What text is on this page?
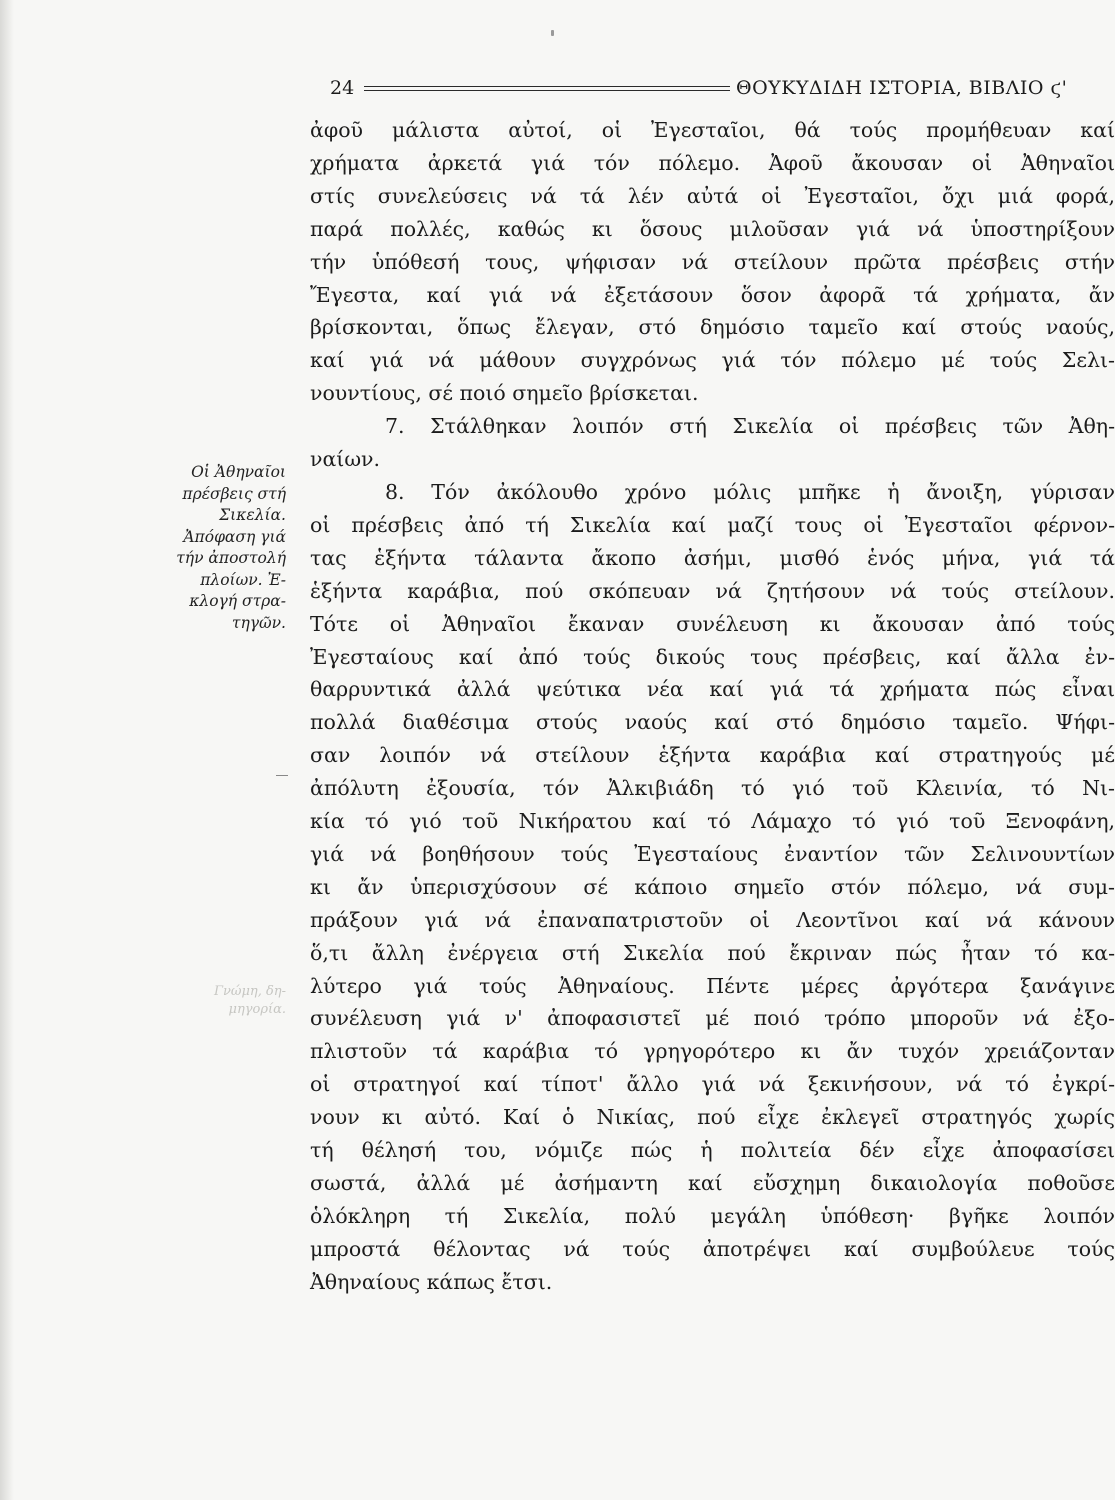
24	ΘΟΥΚΥΔΙΔΗ ΙΣΤΟΡΙΑ, ΒΙΒΛΙΟ ϛ'
Οἱ Ἀθηναῖοι
πρέσβεις στή
Σικελία.
Ἀπόφαση γιά
τήν ἀποστολή
πλοίων. Ἐ-
κλογή στρα-
τηγῶν.
Γνώμη, δη-
μηγορία.
ἀφοῦ μάλιστα αὐτοί, οἱ Ἐγεσταῖοι, θά τούς προμήθευαν καί
χρήματα ἀρκετά γιά τόν πόλεμο. Ἀφοῦ ἄκουσαν οἱ Ἀθηναῖοι
στίς συνελεύσεις νά τά λέν αὐτά οἱ Ἐγεσταῖοι, ὄχι μιά φορά,
παρά πολλές, καθώς κι ὅσους μιλοῦσαν γιά νά ὑποστηρίξουν
τήν ὑπόθεσή τους, ψήφισαν νά στείλουν πρῶτα πρέσβεις στήν
Ἔγεστα, καί γιά νά ἐξετάσουν ὅσον ἀφορᾶ τά χρήματα, ἄν
βρίσκονται, ὅπως ἔλεγαν, στό δημόσιο ταμεῖο καί στούς ναούς,
καί γιά νά μάθουν συγχρόνως γιά τόν πόλεμο μέ τούς Σελι-
νουντίους, σέ ποιό σημεῖο βρίσκεται.
7. Στάλθηκαν λοιπόν στή Σικελία οἱ πρέσβεις τῶν Ἀθη-
ναίων.
8. Τόν ἀκόλουθο χρόνο μόλις μπῆκε ἡ ἄνοιξη, γύρισαν
οἱ πρέσβεις ἀπό τή Σικελία καί μαζί τους οἱ Ἐγεσταῖοι φέρνον-
τας ἑξήντα τάλαντα ἄκοπο ἀσήμι, μισθό ἑνός μήνα, γιά τά
ἑξήντα καράβια, πού σκόπευαν νά ζητήσουν νά τούς στείλουν.
Τότε οἱ Ἀθηναῖοι ἔκαναν συνέλευση κι ἄκουσαν ἀπό τούς
Ἐγεσταίους καί ἀπό τούς δικούς τους πρέσβεις, καί ἄλλα ἐν-
θαρρυντικά ἀλλά ψεύτικα νέα καί γιά τά χρήματα πώς εἶναι
πολλά διαθέσιμα στούς ναούς καί στό δημόσιο ταμεῖο. Ψήφι-
σαν λοιπόν νά στείλουν ἑξήντα καράβια καί στρατηγούς μέ
ἀπόλυτη ἐξουσία, τόν Ἀλκιβιάδη τό γιό τοῦ Κλεινία, τό Νι-
κία τό γιό τοῦ Νικήρατου καί τό Λάμαχο τό γιό τοῦ Ξενοφάνη,
γιά νά βοηθήσουν τούς Ἐγεσταίους ἐναντίον τῶν Σελινουντίων
κι ἄν ὑπερισχύσουν σέ κάποιο σημεῖο στόν πόλεμο, νά συμ-
πράξουν γιά νά ἐπαναπατριστοῦν οἱ Λεοντῖνοι καί νά κάνουν
ὅ,τι ἄλλη ἐνέργεια στή Σικελία πού ἔκριναν πώς ἦταν τό κα-
λύτερο γιά τούς Ἀθηναίους. Πέντε μέρες ἀργότερα ξανάγινε
συνέλευση γιά ν' ἀποφασιστεῖ μέ ποιό τρόπο μποροῦν νά ἐξο-
πλιστοῦν τά καράβια τό γρηγορότερο κι ἄν τυχόν χρειάζονταν
οἱ στρατηγοί καί τίποτ' ἄλλο γιά νά ξεκινήσουν, νά τό ἐγκρί-
νουν κι αὐτό. Καί ὁ Νικίας, πού εἶχε ἐκλεγεῖ στρατηγός χωρίς
τή θέλησή του, νόμιζε πώς ἡ πολιτεία δέν εἶχε ἀποφασίσει
σωστά, ἀλλά μέ ἀσήμαντη καί εὔσχημη δικαιολογία ποθοῦσε
ὁλόκληρη τή Σικελία, πολύ μεγάλη ὑπόθεση· βγῆκε λοιπόν
μπροστά θέλοντας νά τούς ἀποτρέψει καί συμβούλευε τούς
Ἀθηναίους κάπως ἔτσι.
